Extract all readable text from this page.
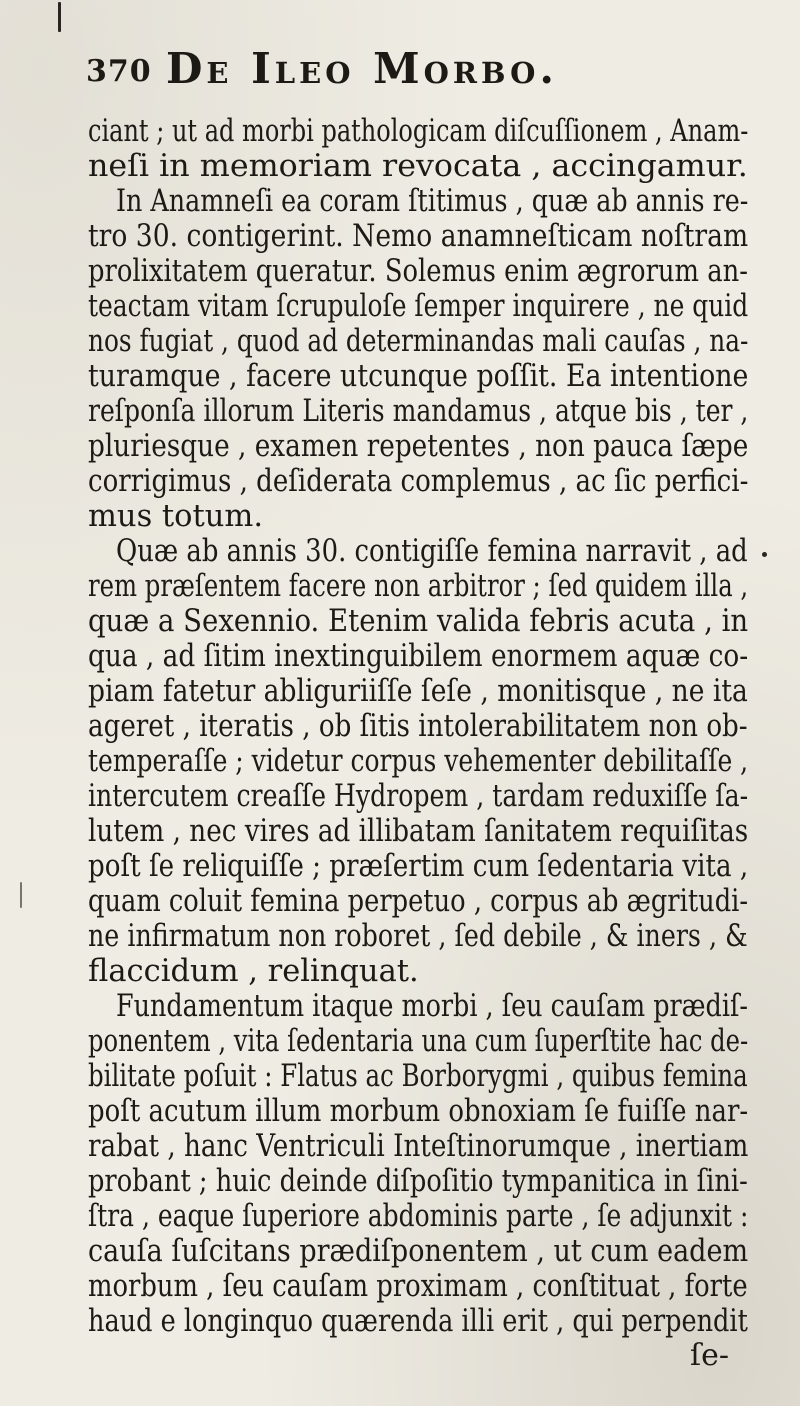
370 De Ileo Morbo.
ciant ; ut ad morbi pathologicam diſcuſſionem , Anam-
neſi in memoriam revocata , accingamur.
In Anamneſi ea coram ſtitimus , quæ ab annis re-
tro 30. contigerint. Nemo anamneſticam noſtram
prolixitatem queratur. Solemus enim ægrorum an-
teactam vitam ſcrupuloſe ſemper inquirere , ne quid
nos fugiat , quod ad determinandas mali cauſas , na-
turamque , facere utcunque poſſit. Ea intentione
reſponſa illorum Literis mandamus , atque bis , ter ,
pluriesque , examen repetentes , non pauca ſæpe
corrigimus , deſiderata complemus , ac ſic perfici-
mus totum.
Quæ ab annis 30. contigiſſe femina narravit , ad
rem præſentem facere non arbitror ; ſed quidem illa ,
quæ a Sexennio. Etenim valida febris acuta , in
qua , ad ſitim inextinguibilem enormem aquæ co-
piam fatetur abliguriiſſe ſeſe , monitisque , ne ita
ageret , iteratis , ob ſitis intolerabilitatem non ob-
temperaſſe ; videtur corpus vehementer debilitaſſe ,
intercutem creaſſe Hydropem , tardam reduxiſſe ſa-
lutem , nec vires ad illibatam ſanitatem requiſitas
poſt ſe reliquiſſe ; præſertim cum ſedentaria vita ,
quam coluit femina perpetuo , corpus ab ægritudi-
ne infirmatum non roboret , ſed debile , & iners , &
flaccidum , relinquat.
Fundamentum itaque morbi , ſeu cauſam prædiſ-
ponentem , vita ſedentaria una cum ſuperſtite hac de-
bilitate poſuit : Flatus ac Borborygmi , quibus femina
poſt acutum illum morbum obnoxiam ſe fuiſſe nar-
rabat , hanc Ventriculi Inteſtinorumque , inertiam
probant ; huic deinde diſpoſitio tympanitica in ſini-
ſtra , eaque ſuperiore abdominis parte , ſe adjunxit :
cauſa ſuſcitans prædiſponentem , ut cum eadem
morbum , ſeu cauſam proximam , conſtituat , forte
haud e longinquo quærenda illi erit , qui perpendit
ſe-
